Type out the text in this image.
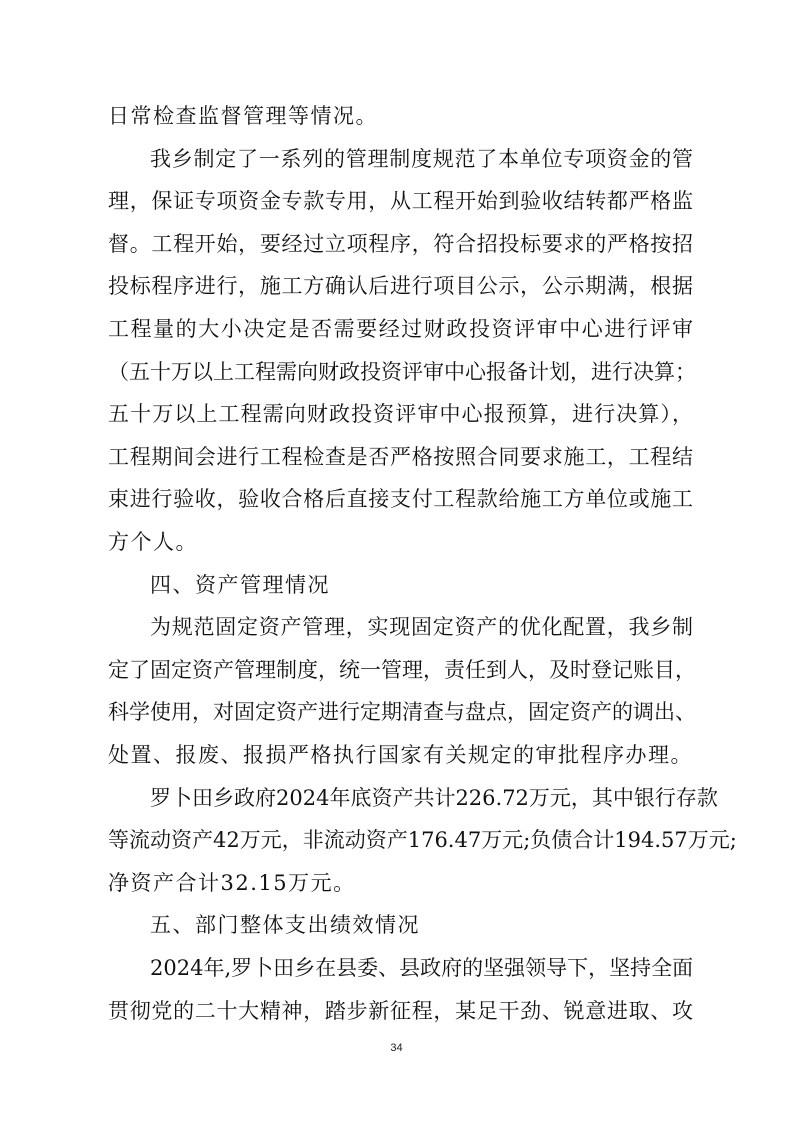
日常检查监督管理等情况。
我乡制定了一系列的管理制度规范了本单位专项资金的管
理，保证专项资金专款专用，从工程开始到验收结转都严格监
督。工程开始，要经过立项程序，符合招投标要求的严格按招
投标程序进行，施工方确认后进行项目公示，公示期满，根据
工程量的大小决定是否需要经过财政投资评审中心进行评审
（五十万以上工程需向财政投资评审中心报备计划，进行决算；
五十万以上工程需向财政投资评审中心报预算，进行决算），
工程期间会进行工程检查是否严格按照合同要求施工，工程结
束进行验收，验收合格后直接支付工程款给施工方单位或施工
方个人。
四、资产管理情况
为规范固定资产管理，实现固定资产的优化配置，我乡制
定了固定资产管理制度，统一管理，责任到人，及时登记账目，
科学使用，对固定资产进行定期清查与盘点，固定资产的调出、
处置、报废、报损严格执行国家有关规定的审批程序办理。
罗卜田乡政府2024年底资产共计226.72万元，其中银行存款
等流动资产42万元，非流动资产176.47万元;负债合计194.57万元;
净资产合计32.15万元。
五、部门整体支出绩效情况
2024年,罗卜田乡在县委、县政府的坚强领导下，坚持全面
贯彻党的二十大精神，踏步新征程，某足干劲、锐意进取、攻
34
